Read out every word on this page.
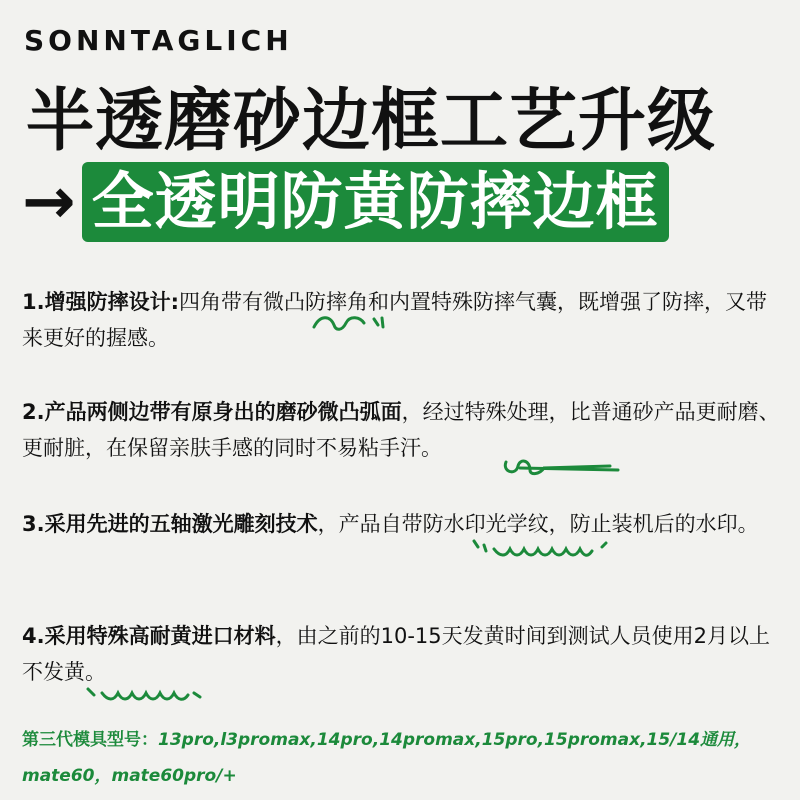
SONNTAGLICH
半透磨砂边框工艺升级
→ 全透明防黄防摔边框
1.增强防摔设计:四角带有微凸防摔角和内置特殊防摔气囊，既增强了防摔，又带来更好的握感。
2.产品两侧边带有原身出的磨砂微凸弧面，经过特殊处理，比普通砂产品更耐磨、更耐脏，在保留亲肤手感的同时不易粘手汗。
3.采用先进的五轴激光雕刻技术，产品自带防水印光学纹，防止装机后的水印。
4.采用特殊高耐黄进口材料，由之前的10-15天发黄时间到测试人员使用2月以上不发黄。
第三代模具型号：13pro,l3promax,14pro,14promax,15pro,15promax,15/14通用，mate60，mate60pro/+
